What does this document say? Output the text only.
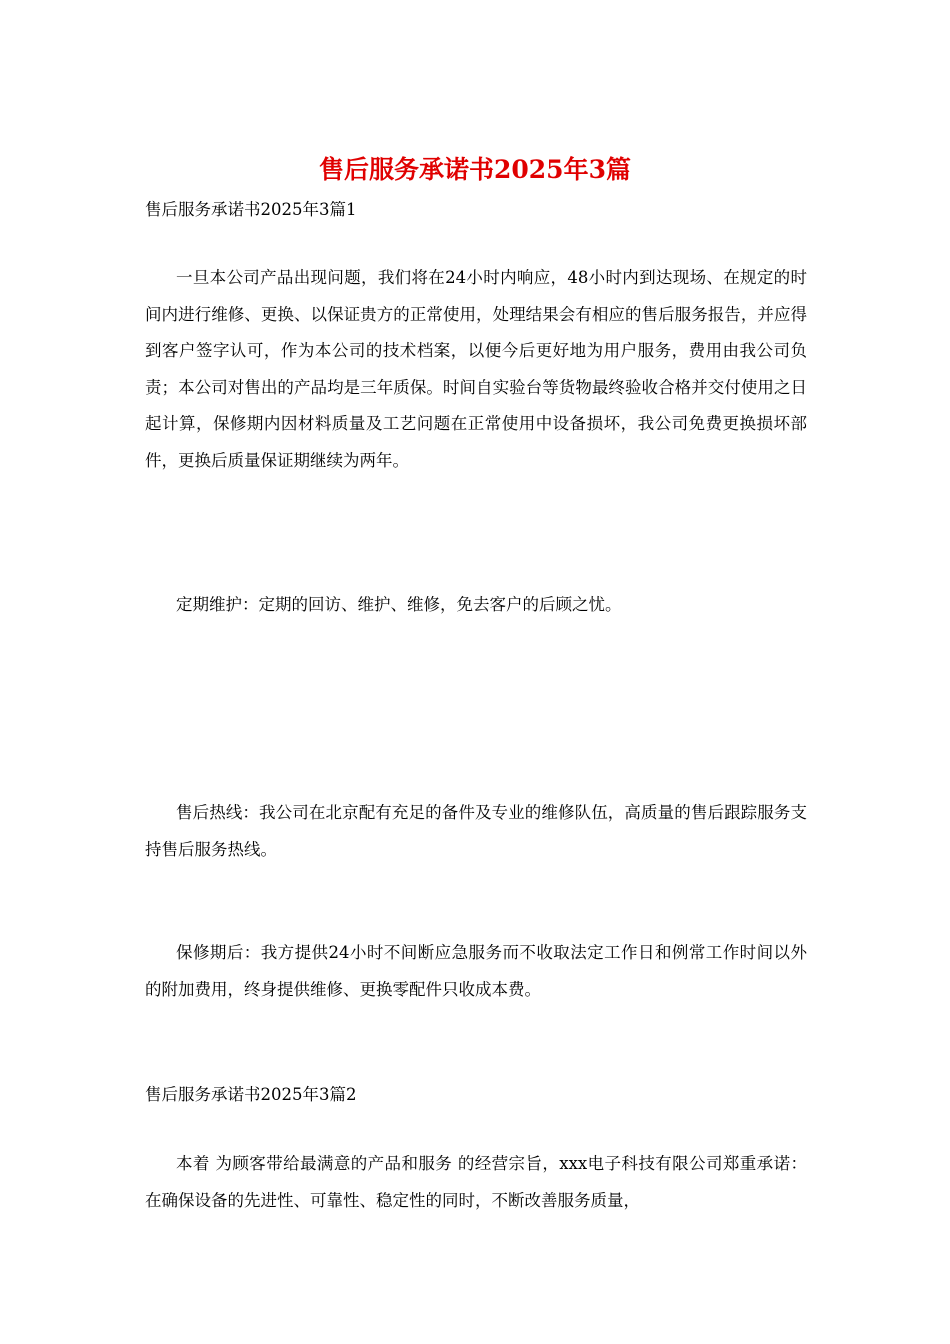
售后服务承诺书2025年3篇

售后服务承诺书2025年3篇1

一旦本公司产品出现问题，我们将在24小时内响应，48小时内到达现场、在规定的时间内进行维修、更换、以保证贵方的正常使用，处理结果会有相应的售后服务报告，并应得到客户签字认可，作为本公司的技术档案，以便今后更好地为用户服务，费用由我公司负责；本公司对售出的产品均是三年质保。时间自实验台等货物最终验收合格并交付使用之日起计算，保修期内因材料质量及工艺问题在正常使用中设备损坏，我公司免费更换损坏部件，更换后质量保证期继续为两年。

定期维护：定期的回访、维护、维修，免去客户的后顾之忧。

售后热线：我公司在北京配有充足的备件及专业的维修队伍，高质量的售后跟踪服务支持售后服务热线。

保修期后：我方提供24小时不间断应急服务而不收取法定工作日和例常工作时间以外的附加费用，终身提供维修、更换零配件只收成本费。

售后服务承诺书2025年3篇2

本着 为顾客带给最满意的产品和服务 的经营宗旨，xxx电子科技有限公司郑重承诺：在确保设备的先进性、可靠性、稳定性的同时，不断改善服务质量，
